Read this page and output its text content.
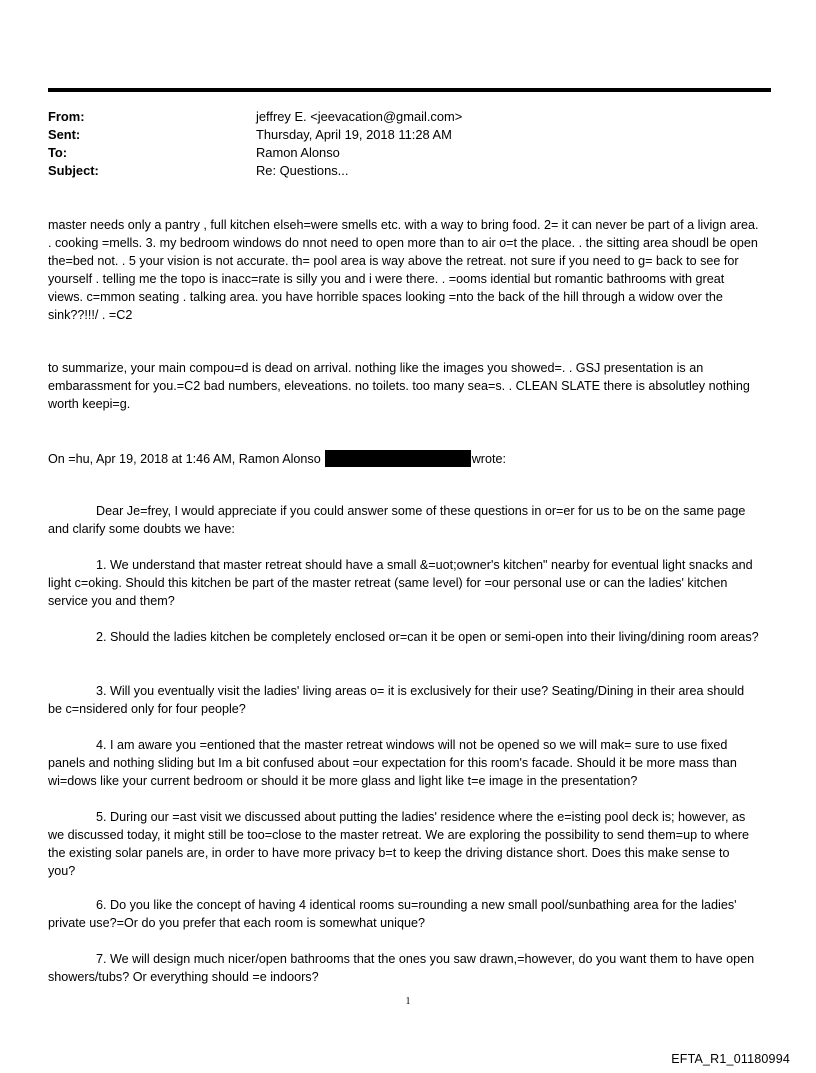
From:	jeffrey E. <jeevacation@gmail.com>
Sent:	Thursday, April 19, 2018 11:28 AM
To:	Ramon Alonso
Subject:	Re: Questions...

master needs only a pantry , full kitchen elseh=were smells etc. with a way to bring food. 2= it can never be part of a livign area. . cooking =mells. 3. my bedroom windows do nnot need to open more than to air o=t the place. . the sitting area shoudl be open the=bed not. . 5 your vision is not accurate. th= pool area is way above the retreat. not sure if you need to g= back to see for yourself . telling me the topo is inacc=rate is silly you and i were there. . =ooms idential but romantic bathrooms with great views. c=mmon seating . talking area. you have horrible spaces looking =nto the back of the hill through a widow over the sink??!!!/ . =C2

to summarize, your main compou=d is dead on arrival. nothing like the images you showed=. . GSJ presentation is an embarassment for you.=C2 bad numbers, eleveations. no toilets. too many sea=s. . CLEAN SLATE there is absolutley nothing worth keepi=g.

On =hu, Apr 19, 2018 at 1:46 AM, Ramon Alonso	wrote:

Dear Je=frey, I would appreciate if you could answer some of these questions in or=er for us to be on the same page and clarify some doubts we have:

1. We understand that master retreat should have a small &=uot;owner's kitchen" nearby for eventual light snacks and light c=oking. Should this kitchen be part of the master retreat (same level) for =our personal use or can the ladies' kitchen service you and them?

2. Should the ladies kitchen be completely enclosed or=can it be open or semi-open into their living/dining room areas?

3. Will you eventually visit the ladies' living areas o= it is exclusively for their use? Seating/Dining in their area should be c=nsidered only for four people?

4. I am aware you =entioned that the master retreat windows will not be opened so we will mak= sure to use fixed panels and nothing sliding but Im a bit confused about =our expectation for this room's facade. Should it be more mass than wi=dows like your current bedroom or should it be more glass and light like t=e image in the presentation?

5. During our =ast visit we discussed about putting the ladies' residence where the e=isting pool deck is; however, as we discussed today, it might still be too=close to the master retreat. We are exploring the possibility to send them=up to where the existing solar panels are, in order to have more privacy b=t to keep the driving distance short. Does this make sense to you?

6. Do you like the concept of having 4 identical rooms su=rounding a new small pool/sunbathing area for the ladies' private use?=Or do you prefer that each room is somewhat unique?

7. We will design much nicer/open bathrooms that the ones you saw drawn,=however, do you want them to have open showers/tubs? Or everything should =e indoors?

1
EFTA_R1_01180994
